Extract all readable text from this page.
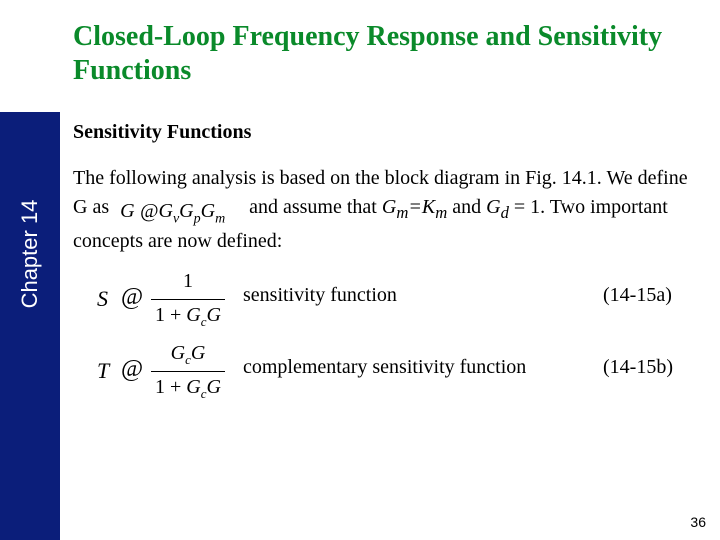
Closed-Loop Frequency Response and Sensitivity Functions
Chapter 14
Sensitivity Functions
The following analysis is based on the block diagram in Fig. 14.1. We define G as G $@G_vG_pG_m$
and assume that $G_m=K_m$ and $G_d = 1$. Two important concepts are now defined:
S @
1
$1 + G_cG$
sensitivity function	(14-15a)
T @
$G_cG$
$1 + G_cG$
complementary sensitivity function	(14-15b)
36
